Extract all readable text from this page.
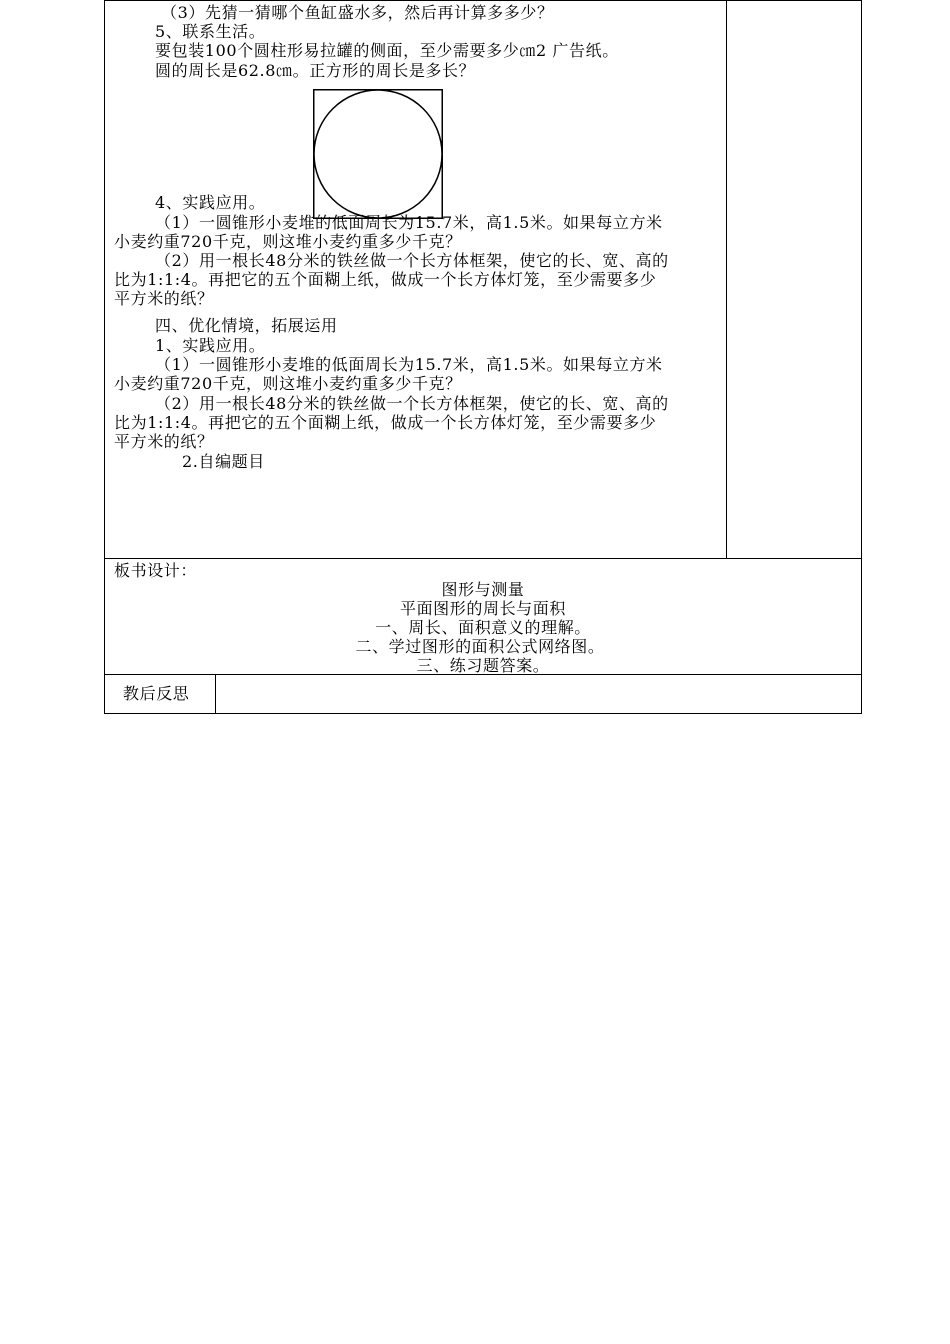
（3）先猜一猜哪个鱼缸盛水多，然后再计算多多少？
5、联系生活。
要包装100个圆柱形易拉罐的侧面，至少需要多少㎝2 广告纸。
圆的周长是62.8㎝。正方形的周长是多长？
4、实践应用。
（1）一圆锥形小麦堆的低面周长为15.7米，高1.5米。如果每立方米
小麦约重720千克，则这堆小麦约重多少千克？
（2）用一根长48分米的铁丝做一个长方体框架，使它的长、宽、高的
比为1:1:4。再把它的五个面糊上纸，做成一个长方体灯笼，至少需要多少
平方米的纸？
四、优化情境，拓展运用
1、实践应用。
（1）一圆锥形小麦堆的低面周长为15.7米，高1.5米。如果每立方米
小麦约重720千克，则这堆小麦约重多少千克？
（2）用一根长48分米的铁丝做一个长方体框架，使它的长、宽、高的
比为1:1:4。再把它的五个面糊上纸，做成一个长方体灯笼，至少需要多少
平方米的纸？
2.自编题目
板书设计：
图形与测量
平面图形的周长与面积
一、周长、面积意义的理解。
二、学过图形的面积公式网络图。
三、练习题答案。
教后反思
